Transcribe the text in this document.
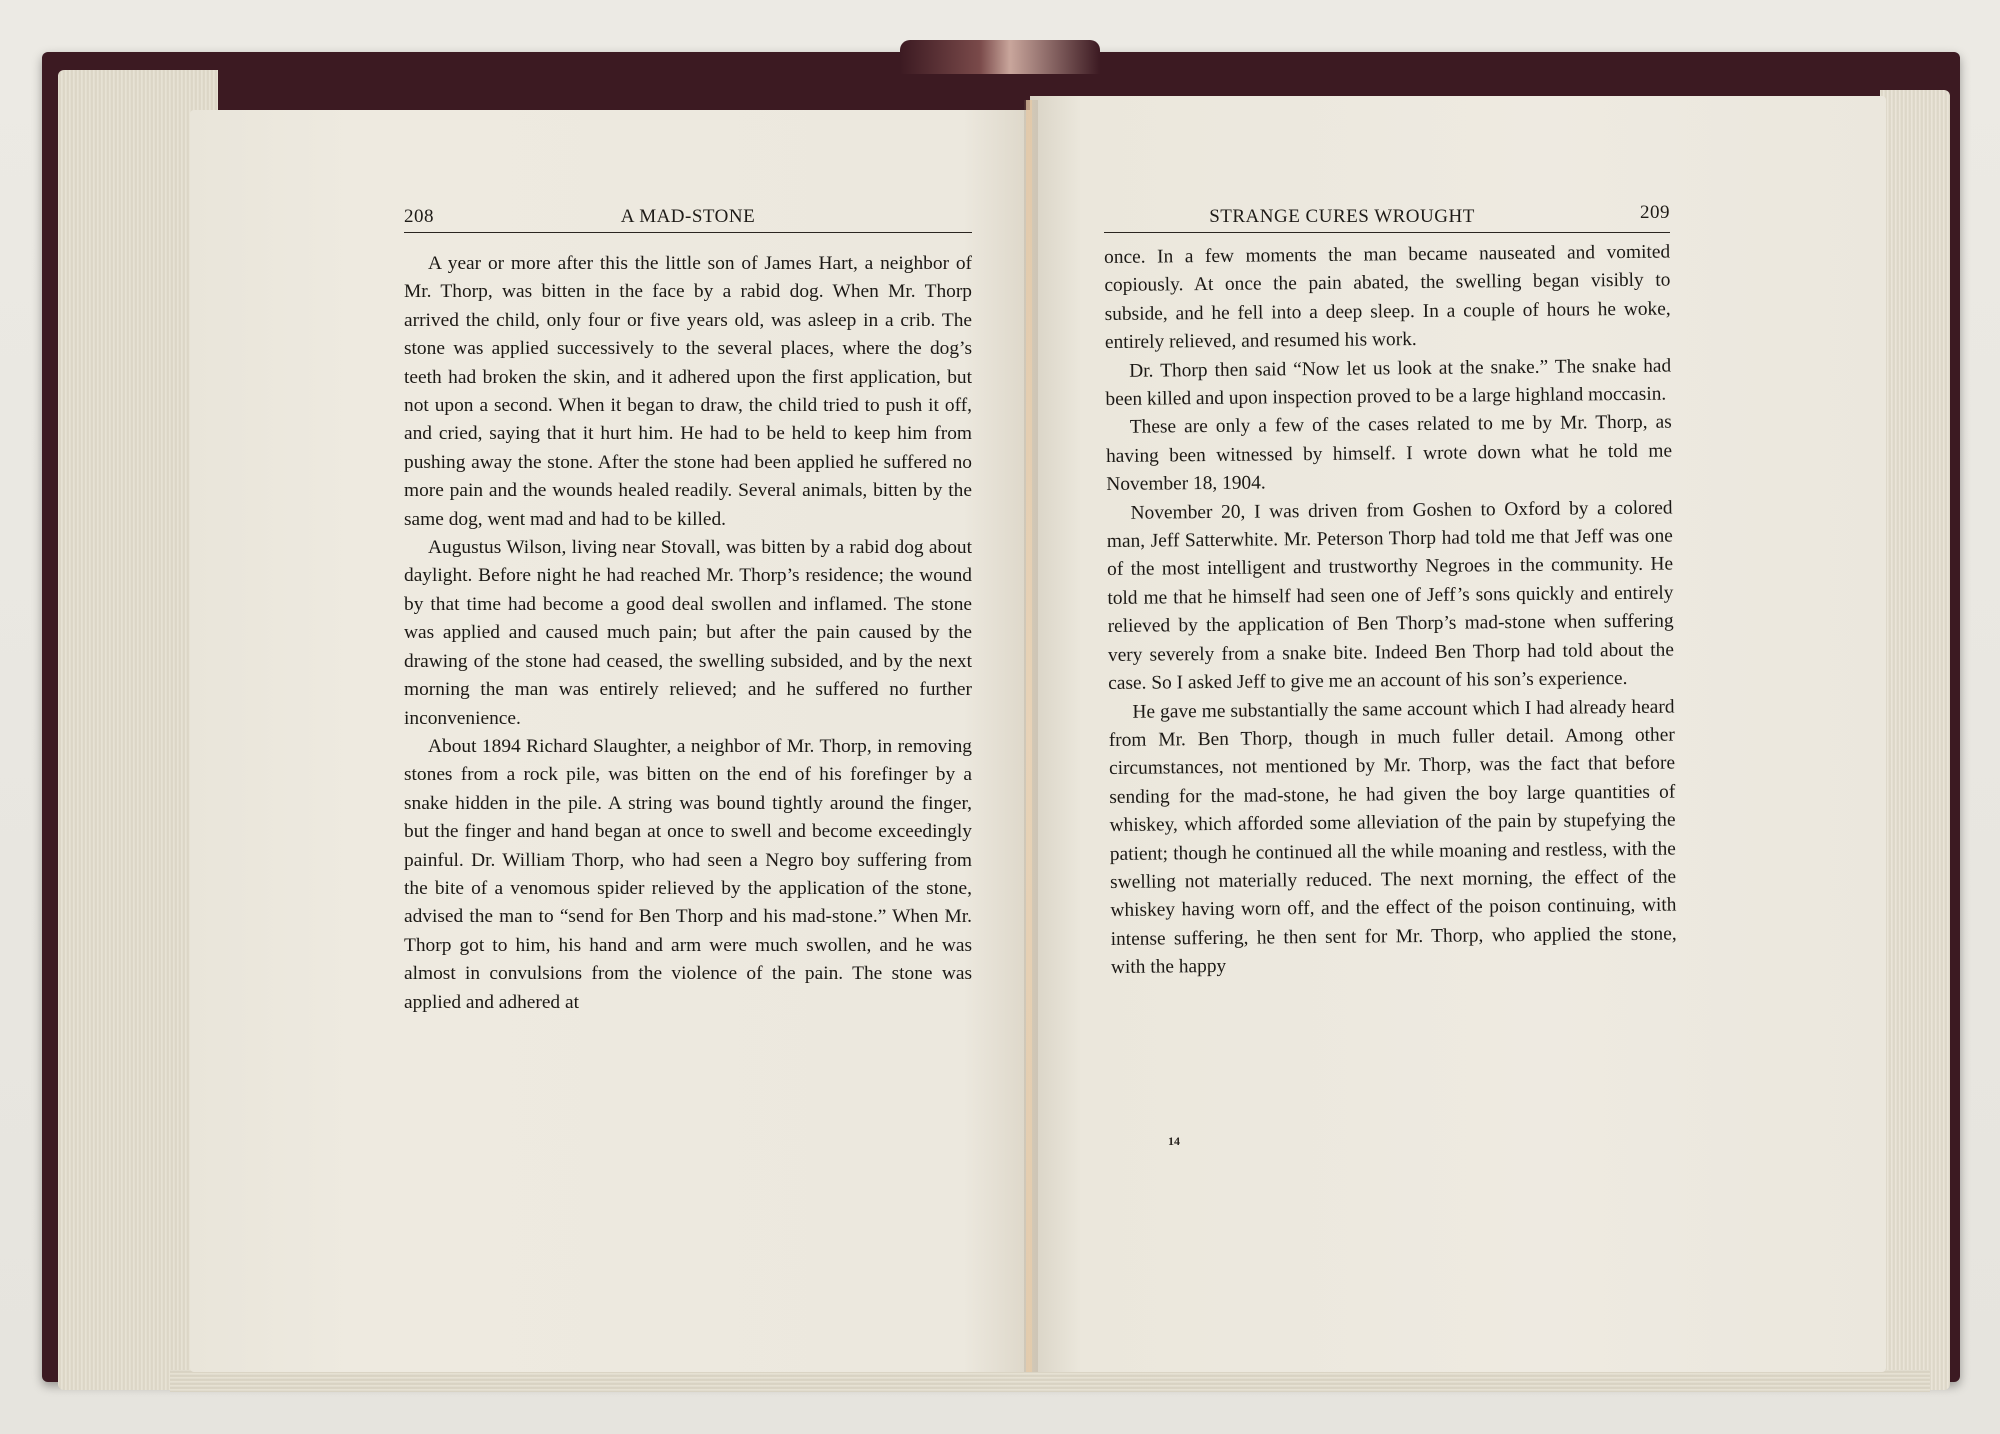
208	A MAD-STONE

A year or more after this the little son of James Hart, a neighbor of Mr. Thorp, was bitten in the face by a rabid dog. When Mr. Thorp arrived the child, only four or five years old, was asleep in a crib. The stone was applied successively to the several places, where the dog’s teeth had broken the skin, and it adhered upon the first application, but not upon a second. When it began to draw, the child tried to push it off, and cried, saying that it hurt him. He had to be held to keep him from pushing away the stone. After the stone had been applied he suffered no more pain and the wounds healed readily. Several animals, bitten by the same dog, went mad and had to be killed.

Augustus Wilson, living near Stovall, was bitten by a rabid dog about daylight. Before night he had reached Mr. Thorp’s residence; the wound by that time had become a good deal swollen and inflamed. The stone was applied and caused much pain; but after the pain caused by the drawing of the stone had ceased, the swelling subsided, and by the next morning the man was entirely relieved; and he suffered no further inconvenience.

About 1894 Richard Slaughter, a neighbor of Mr. Thorp, in removing stones from a rock pile, was bitten on the end of his forefinger by a snake hidden in the pile. A string was bound tightly around the finger, but the finger and hand began at once to swell and become exceedingly painful. Dr. William Thorp, who had seen a Negro boy suffering from the bite of a venomous spider relieved by the application of the stone, advised the man to “send for Ben Thorp and his mad-stone.” When Mr. Thorp got to him, his hand and arm were much swollen, and he was almost in convulsions from the violence of the pain. The stone was applied and adhered at

STRANGE CURES WROUGHT	209

once. In a few moments the man became nauseated and vomited copiously. At once the pain abated, the swelling began visibly to subside, and he fell into a deep sleep. In a couple of hours he woke, entirely relieved, and resumed his work.

Dr. Thorp then said “Now let us look at the snake.” The snake had been killed and upon inspection proved to be a large highland moccasin.

These are only a few of the cases related to me by Mr. Thorp, as having been witnessed by himself. I wrote down what he told me November 18, 1904.

November 20, I was driven from Goshen to Oxford by a colored man, Jeff Satterwhite. Mr. Peterson Thorp had told me that Jeff was one of the most intelligent and trustworthy Negroes in the community. He told me that he himself had seen one of Jeff’s sons quickly and entirely relieved by the application of Ben Thorp’s mad-stone when suffering very severely from a snake bite. Indeed Ben Thorp had told about the case. So I asked Jeff to give me an account of his son’s experience.

He gave me substantially the same account which I had already heard from Mr. Ben Thorp, though in much fuller detail. Among other circumstances, not mentioned by Mr. Thorp, was the fact that before sending for the mad-stone, he had given the boy large quantities of whiskey, which afforded some alleviation of the pain by stupefying the patient; though he continued all the while moaning and restless, with the swelling not materially reduced. The next morning, the effect of the whiskey having worn off, and the effect of the poison continuing, with intense suffering, he then sent for Mr. Thorp, who applied the stone, with the happy

14
